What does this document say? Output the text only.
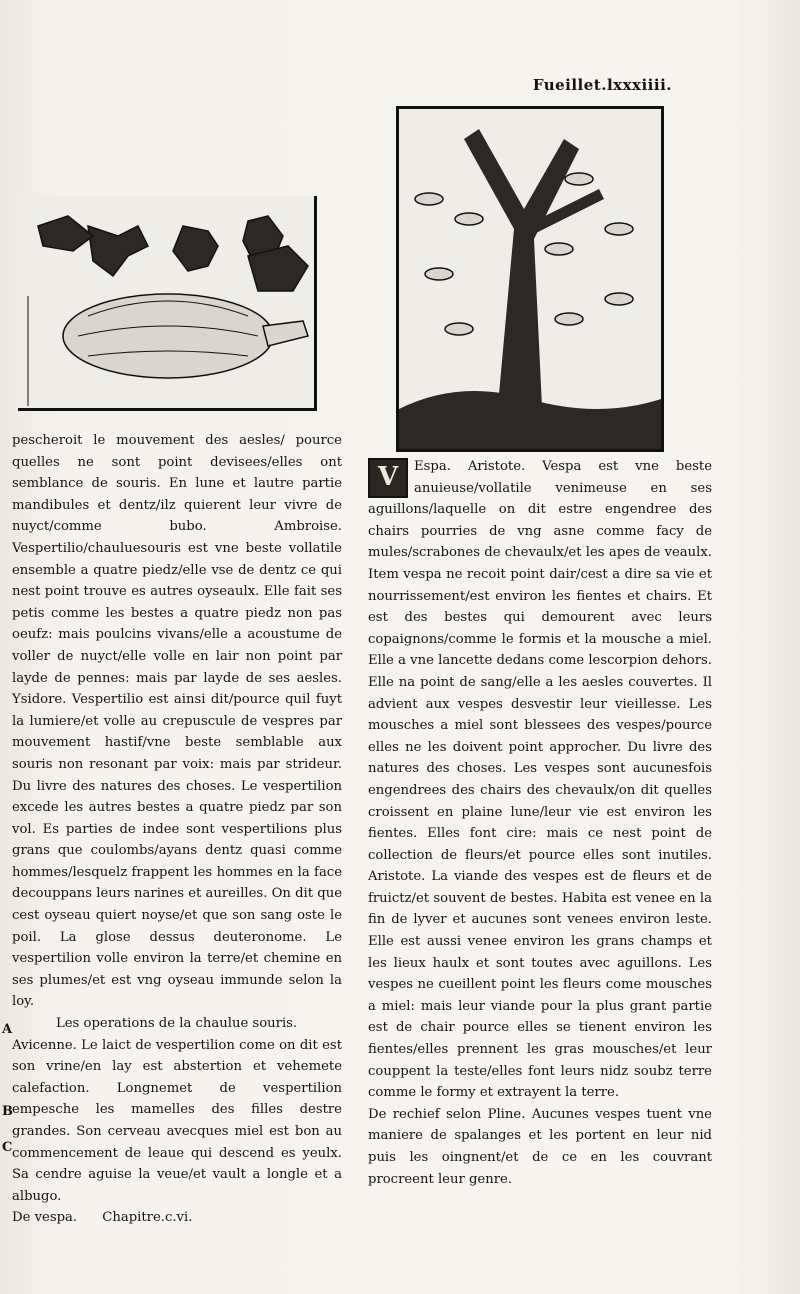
Fueillet.lxxxiiii.
A
B
C

pescheroit le mouvement des aesles/ pource quelles ne sont point devisees/elles ont semblance de souris. En lune et lautre partie mandibules et dentz/ilz quierent leur vivre de nuyct/comme bubo. Ambroise. Vespertilio/chauluesouris est vne beste vollatile ensemble a quatre piedz/elle vse de dentz ce qui nest point trouve es autres oyseaulx. Elle fait ses petis comme les bestes a quatre piedz non pas oeufz: mais poulcins vivans/elle a acoustume de voller de nuyct/elle volle en lair non point par layde de pennes: mais par layde de ses aesles. Ysidore. Vespertilio est ainsi dit/pource quil fuyt la lumiere/et volle au crepuscule de vespres par mouvement hastif/vne beste semblable aux souris non resonant par voix: mais par strideur. Du livre des natures des choses. Le vespertilion excede les autres bestes a quatre piedz par son vol. Es parties de indee sont vespertilions plus grans que coulombs/ayans dentz quasi comme hommes/lesquelz frappent les hommes en la face decouppans leurs narines et aureilles. On dit que cest oyseau quiert noyse/et que son sang oste le poil. La glose dessus deuteronome. Le vespertilion volle environ la terre/et chemine en ses plumes/et est vng oyseau immunde selon la loy.

Les operations de la chaulue souris.

Avicenne. Le laict de vespertilion come on dit est son vrine/en lay est abstertion et vehemete calefaction. Longnemet de vespertilion empesche les mamelles des filles destre grandes. Son cerveau avecques miel est bon au commencement de leaue qui descend es yeulx. Sa cendre aguise la veue/et vault a longle et a albugo.

De vespa. Chapitre.c.vi.

V	Espa. Aristote. Vespa est vne beste anuieuse/vollatile venimeuse en ses aguillons/laquelle on dit estre engendree des chairs pourries de vng asne comme facy de mules/scrabones de chevaulx/et les apes de veaulx. Item vespa ne recoit point dair/cest a dire sa vie et nourrissement/est environ les fientes et chairs. Et est des bestes qui demourent avec leurs copaignons/comme le formis et la mousche a miel. Elle a vne lancette dedans come lescorpion dehors. Elle na point de sang/elle a les aesles couvertes. Il advient aux vespes desvestir leur vieillesse. Les mousches a miel sont blessees des vespes/pource elles ne les doivent point approcher. Du livre des natures des choses. Les vespes sont aucunesfois engendrees des chairs des chevaulx/on dit quelles croissent en plaine lune/leur vie est environ les fientes. Elles font cire: mais ce nest point de collection de fleurs/et pource elles sont inutiles. Aristote. La viande des vespes est de fleurs et de fruictz/et souvent de bestes. Habita est venee en la fin de lyver et aucunes sont venees environ leste. Elle est aussi venee environ les grans champs et les lieux haulx et sont toutes avec aguillons. Les vespes ne cueillent point les fleurs come mousches a miel: mais leur viande pour la plus grant partie est de chair pource elles se tienent environ les fientes/elles prennent les gras mousches/et leur couppent la teste/elles font leurs nidz soubz terre comme le formy et extrayent la terre.

De rechief selon Pline. Aucunes vespes tuent vne maniere de spalanges et les portent en leur nid puis les oingnent/et de ce en les couvrant procreent leur genre.
